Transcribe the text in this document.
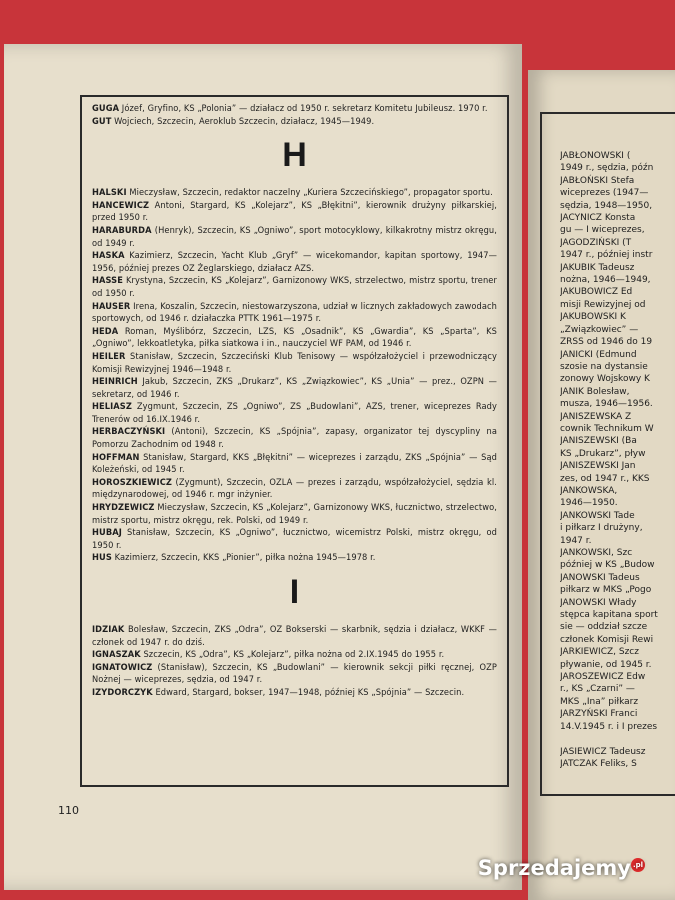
GUGA Józef, Gryfino, KS „Polonia” — działacz od 1950 r. sekretarz Komitetu Jubileusz. 1970 r.
GUT Wojciech, Szczecin, Aeroklub Szczecin, działacz, 1945—1949.
H
HALSKI Mieczysław, Szczecin, redaktor naczelny „Kuriera Szczecińskiego”, propagator sportu.
HANCEWICZ Antoni, Stargard, KS „Kolejarz”, KS „Błękitni”, kierownik drużyny piłkarskiej, przed 1950 r.
HARABURDA (Henryk), Szczecin, KS „Ogniwo”, sport motocyklowy, kilkakrotny mistrz okręgu, od 1949 r.
HASKA Kazimierz, Szczecin, Yacht Klub „Gryf” — wicekomandor, kapitan sportowy, 1947—1956, później prezes OZ Żeglarskiego, działacz AZS.
HASSE Krystyna, Szczecin, KS „Kolejarz”, Garnizonowy WKS, strzelectwo, mistrz sportu, trener od 1950 r.
HAUSER Irena, Koszalin, Szczecin, niestowarzyszona, udział w licznych zakładowych zawodach sportowych, od 1946 r. działaczka PTTK 1961—1975 r.
HEDA Roman, Myślibórz, Szczecin, LZS, KS „Osadnik”, KS „Gwardia”, KS „Sparta”, KS „Ogniwo”, lekkoatletyka, piłka siatkowa i in., nauczyciel WF PAM, od 1946 r.
HEILER Stanisław, Szczecin, Szczeciński Klub Tenisowy — współzałożyciel i przewodniczący Komisji Rewizyjnej 1946—1948 r.
HEINRICH Jakub, Szczecin, ZKS „Drukarz”, KS „Związkowiec”, KS „Unia” — prez., OZPN — sekretarz, od 1946 r.
HELIASZ Zygmunt, Szczecin, ZS „Ogniwo”, ZS „Budowlani”, AZS, trener, wiceprezes Rady Trenerów od 16.IX.1946 r.
HERBACZYŃSKI (Antoni), Szczecin, KS „Spójnia”, zapasy, organizator tej dyscypliny na Pomorzu Zachodnim od 1948 r.
HOFFMAN Stanisław, Stargard, KKS „Błękitni” — wiceprezes i zarządu, ZKS „Spójnia” — Sąd Koleżeński, od 1945 r.
HOROSZKIEWICZ (Zygmunt), Szczecin, OZLA — prezes i zarządu, współzałożyciel, sędzia kl. międzynarodowej, od 1946 r. mgr inżynier.
HRYDZEWICZ Mieczysław, Szczecin, KS „Kolejarz”, Garnizonowy WKS, łucznictwo, strzelectwo, mistrz sportu, mistrz okręgu, rek. Polski, od 1949 r.
HUBAJ Stanisław, Szczecin, KS „Ogniwo”, łucznictwo, wicemistrz Polski, mistrz okręgu, od 1950 r.
HUS Kazimierz, Szczecin, KKS „Pionier”, piłka nożna 1945—1978 r.
I
IDZIAK Bolesław, Szczecin, ZKS „Odra”, OZ Bokserski — skarbnik, sędzia i działacz, WKKF — członek od 1947 r. do dziś.
IGNASZAK Szczecin, KS „Odra”, KS „Kolejarz”, piłka nożna od 2.IX.1945 do 1955 r.
IGNATOWICZ (Stanisław), Szczecin, KS „Budowlani” — kierownik sekcji piłki ręcznej, OZP Nożnej — wiceprezes, sędzia, od 1947 r.
IZYDORCZYK Edward, Stargard, bokser, 1947—1948, później KS „Spójnia” — Szczecin.
JABŁONOWSKI (
1949 r., sędzia, późn
JABŁOŃSKI Stefa
wiceprezes (1947—
sędzia, 1948—1950,
JACYNICZ Konsta
gu — I wiceprezes,
JAGODZIŃSKI (T
1947 r., później instr
JAKUBIK Tadeusz
nożna, 1946—1949,
JAKUBOWICZ Ed
misji Rewizyjnej od
JAKUBOWSKI K
„Związkowiec” —
ZRSS od 1946 do 19
JANICKI (Edmund
szosie na dystansie
zonowy Wojskowy K
JANIK Bolesław,
musza, 1946—1956.
JANISZEWSKA Z
cownik Technikum W
JANISZEWSKI (Ba
KS „Drukarz”, pływ
JANISZEWSKI Jan
zes, od 1947 r., KKS
JANKOWSKA,
1946—1950.
JANKOWSKI Tade
i piłkarz I drużyny,
1947 r.
JANKOWSKI, Szc
później w KS „Budow
JANOWSKI Tadeus
piłkarz w MKS „Pogo
JANOWSKI Włady
stępca kapitana sport
sie — oddział szcze
członek Komisji Rewi
JARKIEWICZ, Szcz
pływanie, od 1945 r.
JAROSZEWICZ Edw
r., KS „Czarni” —
MKS „Ina” piłkarz
JARZYŃSKI Franci
14.V.1945 r. i I prezes

JASIEWICZ Tadeusz
JATCZAK Feliks, S
110
Sprzedajemy .pl
